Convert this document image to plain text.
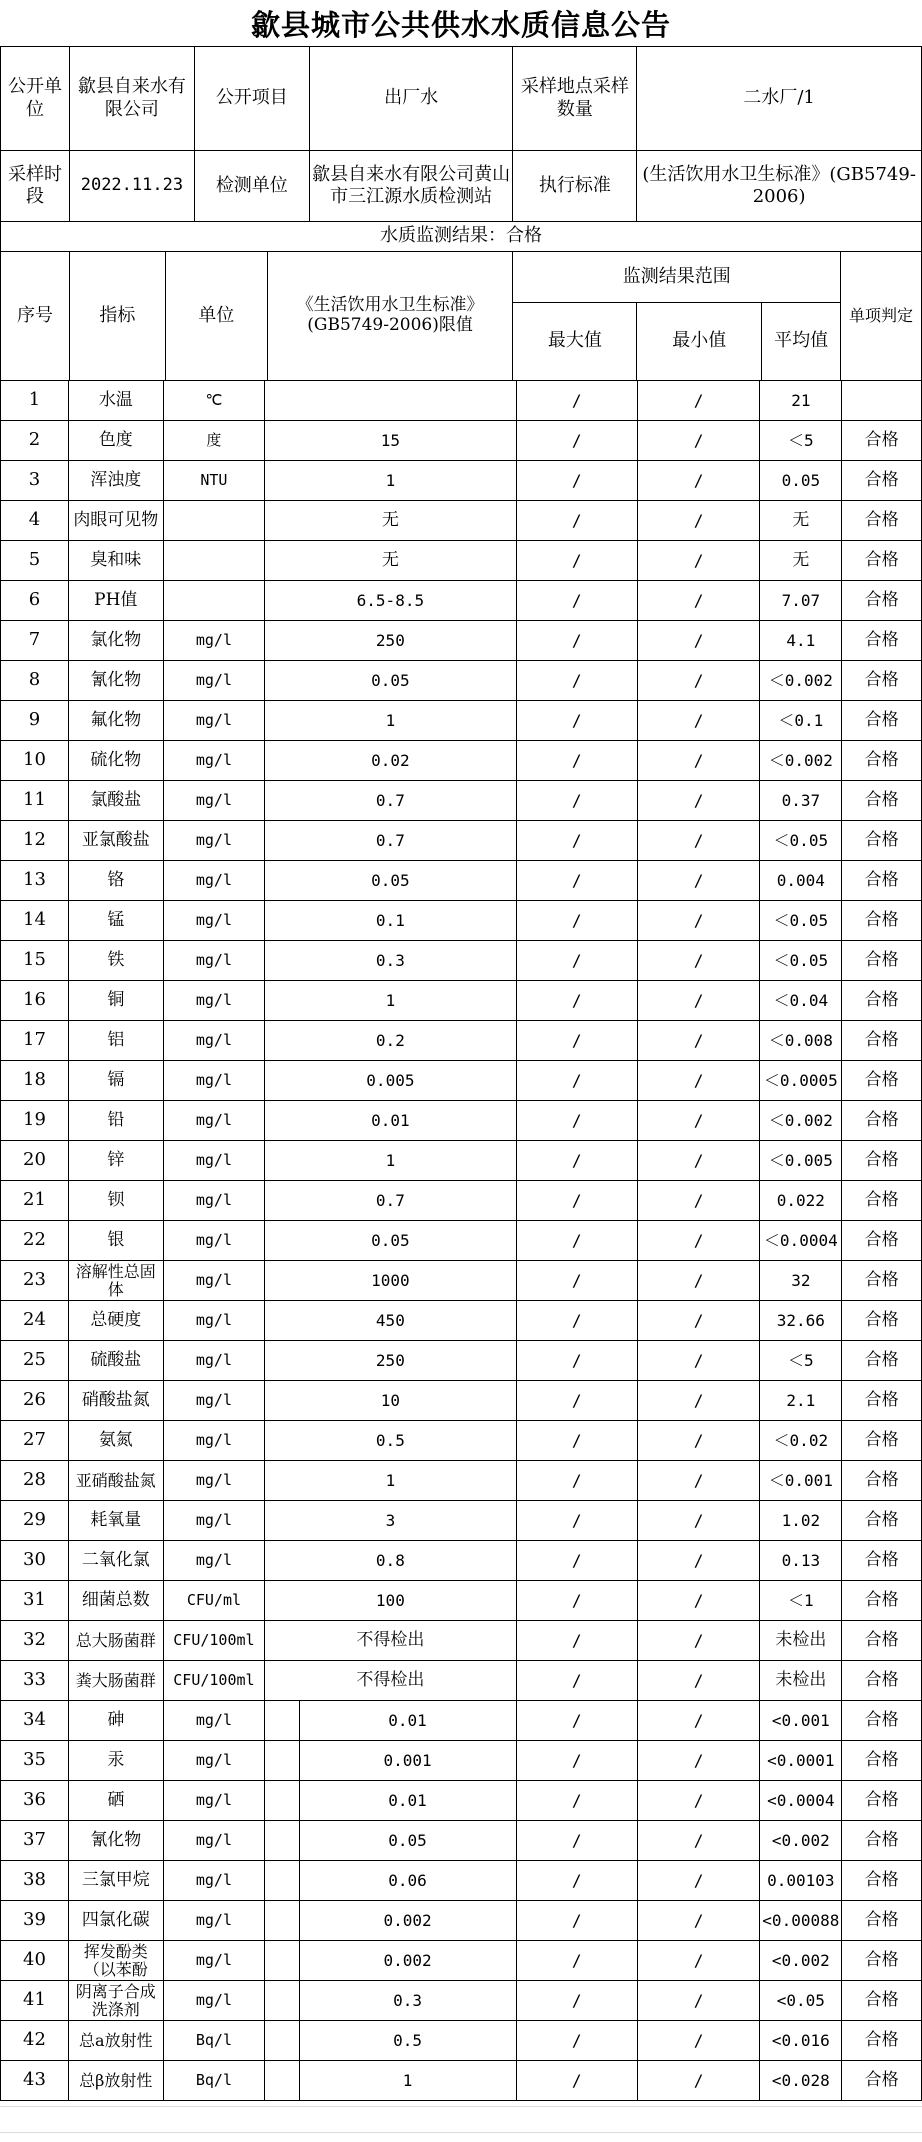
歙县城市公共供水水质信息公告
公开单位	歙县自来水有限公司	公开项目	出厂水	采样地点采样数量	二水厂/1
采样时段	2022.11.23	检测单位	歙县自来水有限公司黄山市三江源水质检测站	执行标准	(生活饮用水卫生标准》(GB5749-2006)
水质监测结果：合格							
序号	指标	单位	《生活饮用水卫生标准》(GB5749-2006)限值	监测结果范围			单项判定
				最大值	最小值	平均值	
1	水温	℃			/	/	21	
2	色度	度	15		/	/	＜5	合格
3	浑浊度	NTU	1		/	/	0.05	合格
4	肉眼可见物		无		/	/	无	合格
5	臭和味		无		/	/	无	合格
6	PH值		6.5-8.5		/	/	7.07	合格
7	氯化物	mg/l	250		/	/	4.1	合格
8	氰化物	mg/l	0.05		/	/	＜0.002	合格
9	氟化物	mg/l	1		/	/	＜0.1	合格
10	硫化物	mg/l	0.02		/	/	＜0.002	合格
11	氯酸盐	mg/l	0.7		/	/	0.37	合格
12	亚氯酸盐	mg/l	0.7		/	/	＜0.05	合格
13	铬	mg/l	0.05		/	/	0.004	合格
14	锰	mg/l	0.1		/	/	＜0.05	合格
15	铁	mg/l	0.3		/	/	＜0.05	合格
16	铜	mg/l	1		/	/	＜0.04	合格
17	铝	mg/l	0.2		/	/	＜0.008	合格
18	镉	mg/l	0.005		/	/	＜0.0005	合格
19	铅	mg/l	0.01		/	/	＜0.002	合格
20	锌	mg/l	1		/	/	＜0.005	合格
21	钡	mg/l	0.7		/	/	0.022	合格
22	银	mg/l	0.05		/	/	＜0.0004	合格
23	溶解性总固体	mg/l	1000		/	/	32	合格
24	总硬度	mg/l	450		/	/	32.66	合格
25	硫酸盐	mg/l	250		/	/	＜5	合格
26	硝酸盐氮	mg/l	10		/	/	2.1	合格
27	氨氮	mg/l	0.5		/	/	＜0.02	合格
28	亚硝酸盐氮	mg/l	1		/	/	＜0.001	合格
29	耗氧量	mg/l	3		/	/	1.02	合格
30	二氧化氯	mg/l	0.8		/	/	0.13	合格
31	细菌总数	CFU/ml	100		/	/	＜1	合格
32	总大肠菌群	CFU/100ml	不得检出		/	/	未检出	合格
33	粪大肠菌群	CFU/100ml	不得检出		/	/	未检出	合格
34	砷	mg/l		0.01	/	/	<0.001	合格
35	汞	mg/l		0.001	/	/	<0.0001	合格
36	硒	mg/l		0.01	/	/	<0.0004	合格
37	氰化物	mg/l		0.05	/	/	<0.002	合格
38	三氯甲烷	mg/l		0.06	/	/	0.00103	合格
39	四氯化碳	mg/l		0.002	/	/	<0.00088	合格
40	挥发酚类（以苯酚	mg/l		0.002	/	/	<0.002	合格
41	阴离子合成洗涤剂	mg/l		0.3	/	/	<0.05	合格
42	总a放射性	Bq/l		0.5	/	/	<0.016	合格
43	总β放射性	Bq/l		1	/	/	<0.028	合格
